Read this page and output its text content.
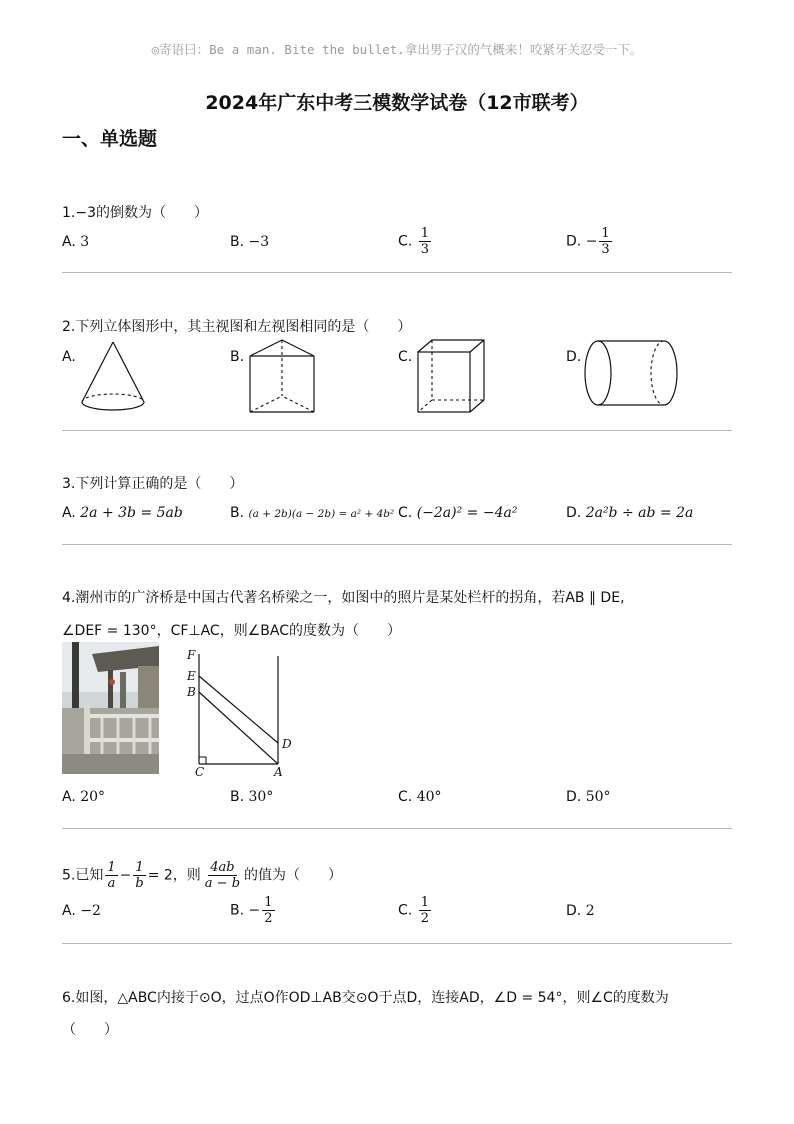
◎寄语曰：Be a man. Bite the bullet.拿出男子汉的气概来！咬紧牙关忍受一下。
2024年广东中考三模数学试卷（12市联考）
一、单选题
1.−3的倒数为（　　）
A. 3	B. −3	C. $\frac{1}{3}$	D. − $\frac{1}{3}$
2.下列立体图形中，其主视图和左视图相同的是（　　）
A.	B.	C.	D.
3.下列计算正确的是（　　）
A. 2a + 3b = 5ab	B. (a + 2b)(a − 2b) = a² + 4b² C. (−2a)² = −4a²	D. 2a²b ÷ ab = 2a
4.潮州市的广济桥是中国古代著名桥梁之一，如图中的照片是某处栏杆的拐角，若AB ∥ DE,
∠DEF = 130°，CF⊥AC，则∠BAC的度数为（　　）
F
E
B
D
C	A
A. 20°	B. 30°	C. 40°	D. 50°
5.已知 $\frac{1}{a} - \frac{1}{b} = 2$，则 $\frac{4ab}{a - b}$ 的值为（　　）
A. −2	B. − $\frac{1}{2}$	C. $\frac{1}{2}$	D. 2
6.如图，△ABC内接于⊙O，过点O作OD⊥AB交⊙O于点D，连接AD，∠D = 54°，则∠C的度数为
（　　）
